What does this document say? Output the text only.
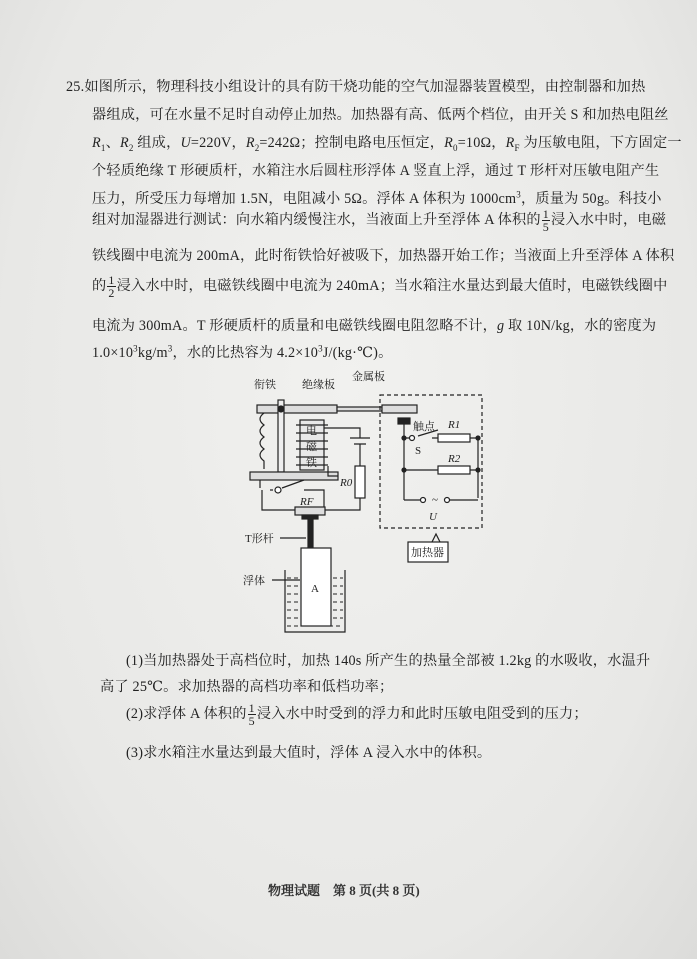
25.如图所示，物理科技小组设计的具有防干烧功能的空气加湿器装置模型，由控制器和加热
器组成，可在水量不足时自动停止加热。加热器有高、低两个档位，由开关 S 和加热电阻丝
$R_1$、$R_2$ 组成，U=220V，$R_2=242\Omega$；控制电路电压恒定，$R_0=10\Omega$，$R_F$ 为压敏电阻，下方固定一
个轻质绝缘 T 形硬质杆，水箱注水后圆柱形浮体 A 竖直上浮，通过 T 形杆对压敏电阻产生
压力，所受压力每增加 1.5N，电阻减小 5Ω。浮体 A 体积为 $1000cm^3$，质量为 50g。科技小
组对加湿器进行测试：向水箱内缓慢注水，当液面上升至浮体 A 体积的 $\frac{1}{5}$ 浸入水中时，电磁
铁线圈中电流为 200mA，此时衔铁恰好被吸下，加热器开始工作；当液面上升至浮体 A 体积
的 $\frac{1}{2}$ 浸入水中时，电磁铁线圈中电流为 240mA；当水箱注水量达到最大值时，电磁铁线圈中
电流为 300mA。T 形硬质杆的质量和电磁铁线圈电阻忽略不计，g 取 10N/kg，水的密度为
$1.0\times 10^3kg/m^3$，水的比热容为 $4.2\times 10^3J/(kg\cdot℃)$。
衔铁 绝缘板
金属板
电
磁
铁
触点 R1
R2
S
R0
RF	~
U
T形杆
浮体
A
加热器
(1)当加热器处于高档位时，加热 140s 所产生的热量全部被 1.2kg 的水吸收，水温升
高了 25℃。求加热器的高档功率和低档功率；
(2)求浮体 A 体积的 $\frac{1}{5}$ 浸入水中时受到的浮力和此时压敏电阻受到的压力；
(3)求水箱注水量达到最大值时，浮体 A 浸入水中的体积。
物理试题　第 8 页(共 8 页)
